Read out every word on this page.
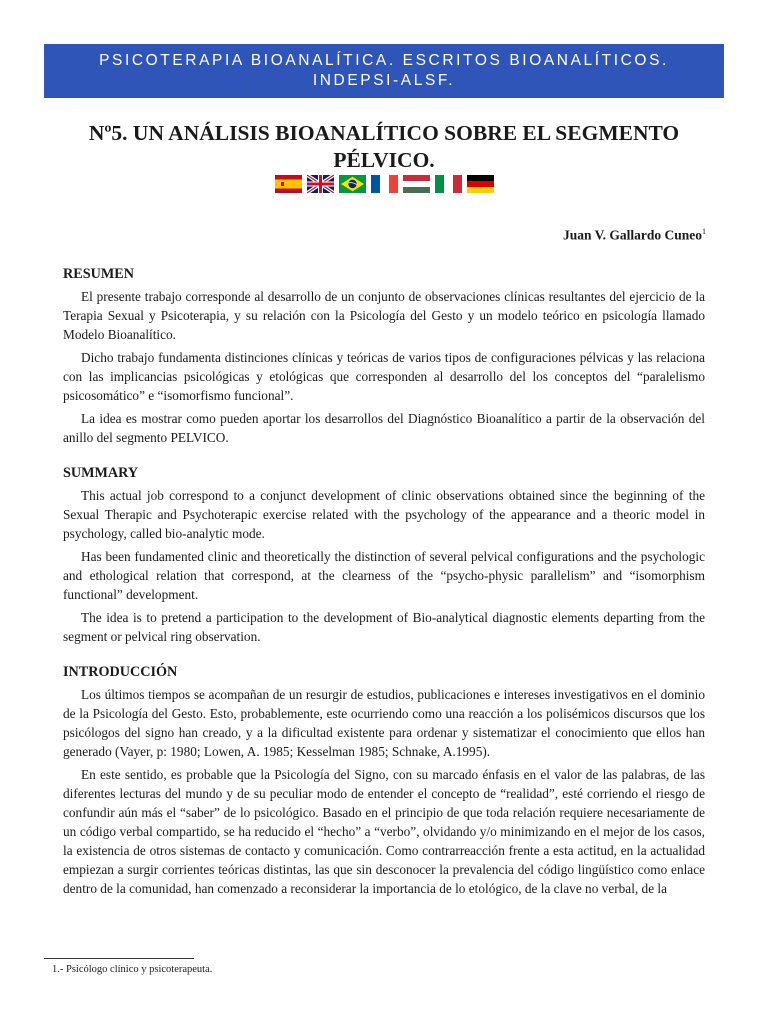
PSICOTERAPIA BIOANALÍTICA. ESCRITOS BIOANALÍTICOS.
INDEPSI-ALSF.
Nº5. UN ANÁLISIS BIOANALÍTICO SOBRE EL SEGMENTO PÉLVICO.
Juan V. Gallardo Cuneo$^1$
RESUMEN

El presente trabajo corresponde al desarrollo de un conjunto de observaciones clínicas resultantes del ejercicio de la Terapia Sexual y Psicoterapia, y su relación con la Psicología del Gesto y un modelo teórico en psicología llamado Modelo Bioanalítico.

Dicho trabajo fundamenta distinciones clínicas y teóricas de varios tipos de configuraciones pélvicas y las relaciona con las implicancias psicológicas y etológicas que corresponden al desarrollo del los conceptos del “paralelismo psicosomático” e “isomorfismo funcional”.

La idea es mostrar como pueden aportar los desarrollos del Diagnóstico Bioanalítico a partir de la observación del anillo del segmento PELVICO.

SUMMARY

This actual job correspond to a conjunct development of clinic observations obtained since the beginning of the Sexual Therapic and Psychoterapic exercise related with the psychology of the appearance and a theoric model in psychology, called bio-analytic mode.

Has been fundamented clinic and theoretically the distinction of several pelvical configurations and the psychologic and ethological relation that correspond, at the clearness of the “psycho-physic parallelism” and “isomorphism functional” development.

The idea is to pretend a participation to the development of Bio-analytical diagnostic elements departing from the segment or pelvical ring observation.

INTRODUCCIÓN

Los últimos tiempos se acompañan de un resurgir de estudios, publicaciones e intereses investigativos en el dominio de la Psicología del Gesto. Esto, probablemente, este ocurriendo como una reacción a los polisémicos discursos que los psicólogos del signo han creado, y a la dificultad existente para ordenar y sistematizar el conocimiento que ellos han generado (Vayer, p: 1980; Lowen, A. 1985; Kesselman 1985; Schnake, A.1995).

En este sentido, es probable que la Psicología del Signo, con su marcado énfasis en el valor de las palabras, de las diferentes lecturas del mundo y de su peculiar modo de entender el concepto de “realidad”, esté corriendo el riesgo de confundir aún más el “saber” de lo psicológico. Basado en el principio de que toda relación requiere necesariamente de un código verbal compartido, se ha reducido el “hecho” a “verbo”, olvidando y/o minimizando en el mejor de los casos, la existencia de otros sistemas de contacto y comunicación. Como contrarreacción frente a esta actitud, en la actualidad empiezan a surgir corrientes teóricas distintas, las que sin desconocer la prevalencia del código lingüístico como enlace dentro de la comunidad, han comenzado a reconsiderar la importancia de lo etológico, de la clave no verbal, de la

1.- Psicólogo clínico y psicoterapeuta.
